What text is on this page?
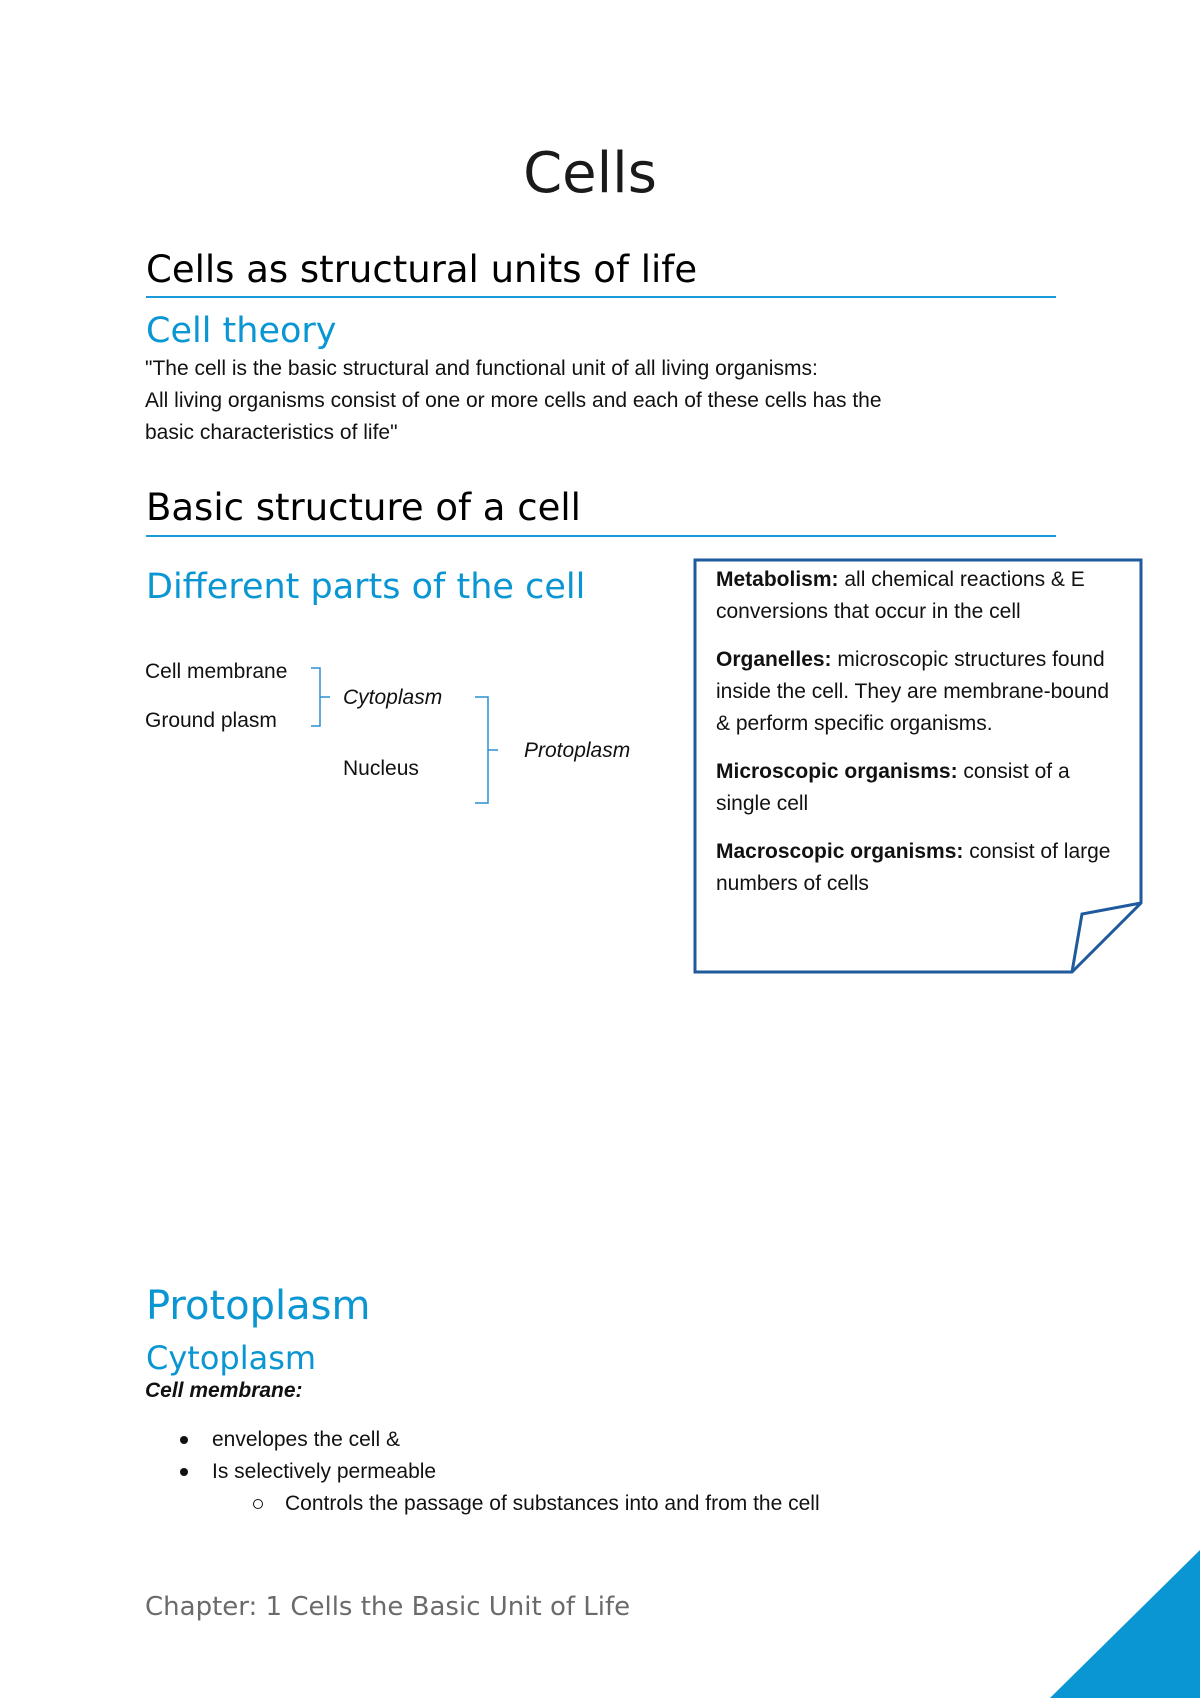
Cells
Cells as structural units of life
Cell theory
"The cell is the basic structural and functional unit of all living organisms:
All living organisms consist of one or more cells and each of these cells has the
basic characteristics of life"
Basic structure of a cell
Different parts of the cell
Cell membrane
Ground plasm
Cytoplasm
Nucleus
Protoplasm
Metabolism: all chemical reactions & E conversions that occur in the cell
Organelles: microscopic structures found inside the cell. They are membrane-bound & perform specific organisms.
Microscopic organisms: consist of a single cell
Macroscopic organisms: consist of large numbers of cells
Protoplasm
Cytoplasm
Cell membrane:
envelopes the cell &
Is selectively permeable
Controls the passage of substances into and from the cell
Chapter: 1 Cells the Basic Unit of Life
